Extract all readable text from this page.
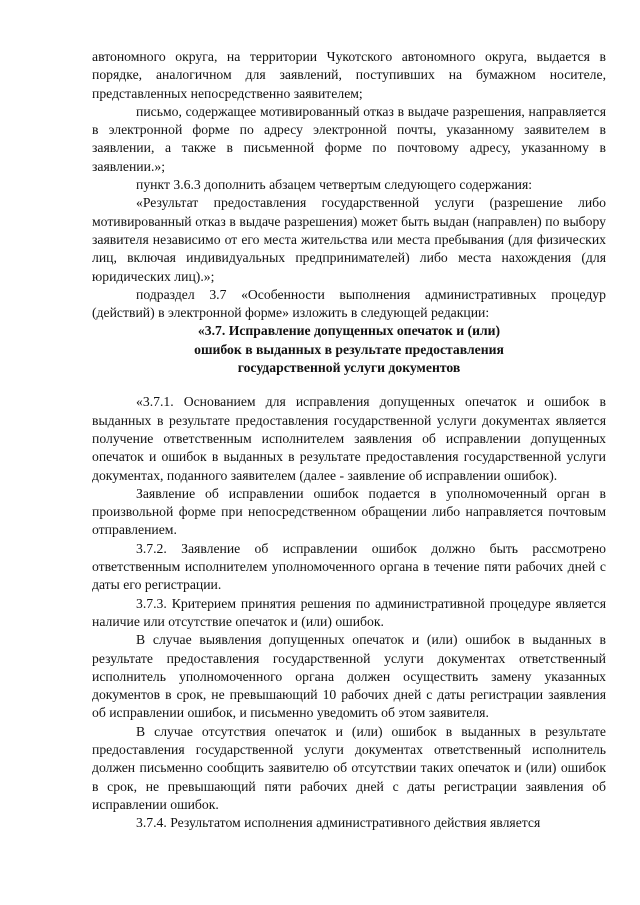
автономного округа, на территории Чукотского автономного округа, выдается в порядке, аналогичном для заявлений, поступивших на бумажном носителе, представленных непосредственно заявителем;

письмо, содержащее мотивированный отказ в выдаче разрешения, направляется в электронной форме по адресу электронной почты, указанному заявителем в заявлении, а также в письменной форме по почтовому адресу, указанному в заявлении.»;

пункт 3.6.3 дополнить абзацем четвертым следующего содержания:

«Результат предоставления государственной услуги (разрешение либо мотивированный отказ в выдаче разрешения) может быть выдан (направлен) по выбору заявителя независимо от его места жительства или места пребывания (для физических лиц, включая индивидуальных предпринимателей) либо места нахождения (для юридических лиц).»;

подраздел 3.7 «Особенности выполнения административных процедур (действий) в электронной форме» изложить в следующей редакции:

«3.7. Исправление допущенных опечаток и (или)

ошибок в выданных в результате предоставления

государственной услуги документов

«3.7.1. Основанием для исправления допущенных опечаток и ошибок в выданных в результате предоставления государственной услуги документах является получение ответственным исполнителем заявления об исправлении допущенных опечаток и ошибок в выданных в результате предоставления государственной услуги документах, поданного заявителем (далее - заявление об исправлении ошибок).

Заявление об исправлении ошибок подается в уполномоченный орган в произвольной форме при непосредственном обращении либо направляется почтовым отправлением.

3.7.2. Заявление об исправлении ошибок должно быть рассмотрено ответственным исполнителем уполномоченного органа в течение пяти рабочих дней с даты его регистрации.

3.7.3. Критерием принятия решения по административной процедуре является наличие или отсутствие опечаток и (или) ошибок.

В случае выявления допущенных опечаток и (или) ошибок в выданных в результате предоставления государственной услуги документах ответственный исполнитель уполномоченного органа должен осуществить замену указанных документов в срок, не превышающий 10 рабочих дней с даты регистрации заявления об исправлении ошибок, и письменно уведомить об этом заявителя.

В случае отсутствия опечаток и (или) ошибок в выданных в результате предоставления государственной услуги документах ответственный исполнитель должен письменно сообщить заявителю об отсутствии таких опечаток и (или) ошибок в срок, не превышающий пяти рабочих дней с даты регистрации заявления об исправлении ошибок.

3.7.4. Результатом исполнения административного действия является
